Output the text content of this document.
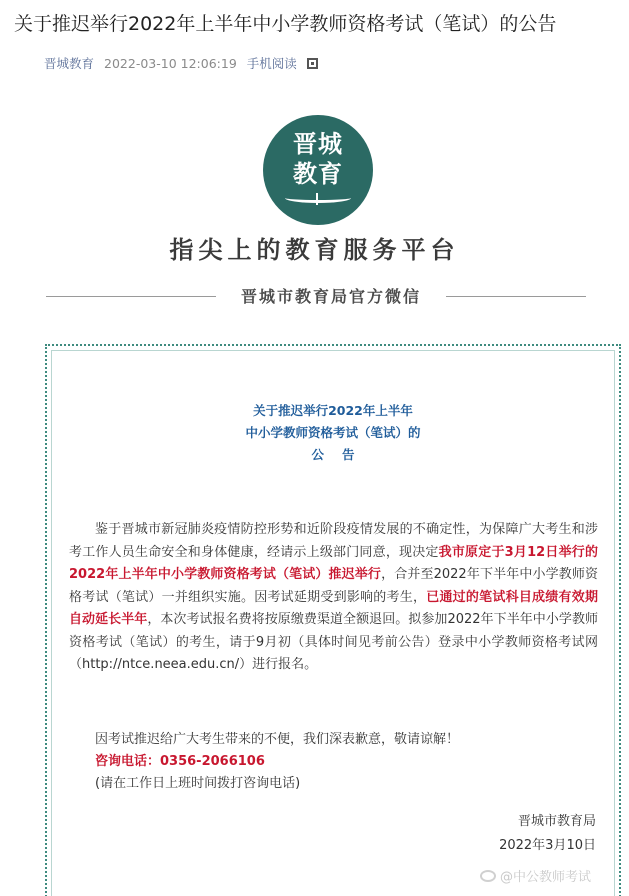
关于推迟举行2022年上半年中小学教师资格考试（笔试）的公告
晋城教育 2022-03-10 12:06:19 手机阅读
晋城
教育
指尖上的教育服务平台
晋城市教育局官方微信
关于推迟举行2022年上半年
中小学教师资格考试（笔试）的
公告

鉴于晋城市新冠肺炎疫情防控形势和近阶段疫情发展的不确定性，为保障广大考生和涉考工作人员生命安全和身体健康，经请示上级部门同意，现决定我市原定于3月12日举行的2022年上半年中小学教师资格考试（笔试）推迟举行，合并至2022年下半年中小学教师资格考试（笔试）一并组织实施。因考试延期受到影响的考生，已通过的笔试科目成绩有效期自动延长半年，本次考试报名费将按原缴费渠道全额退回。拟参加2022年下半年中小学教师资格考试（笔试）的考生，请于9月初（具体时间见考前公告）登录中小学教师资格考试网（http://ntce.neea.edu.cn/）进行报名。

因考试推迟给广大考生带来的不便，我们深表歉意，敬请谅解！
咨询电话：0356-2066106
(请在工作日上班时间拨打咨询电话)
晋城市教育局
2022年3月10日
@中公教师考试
